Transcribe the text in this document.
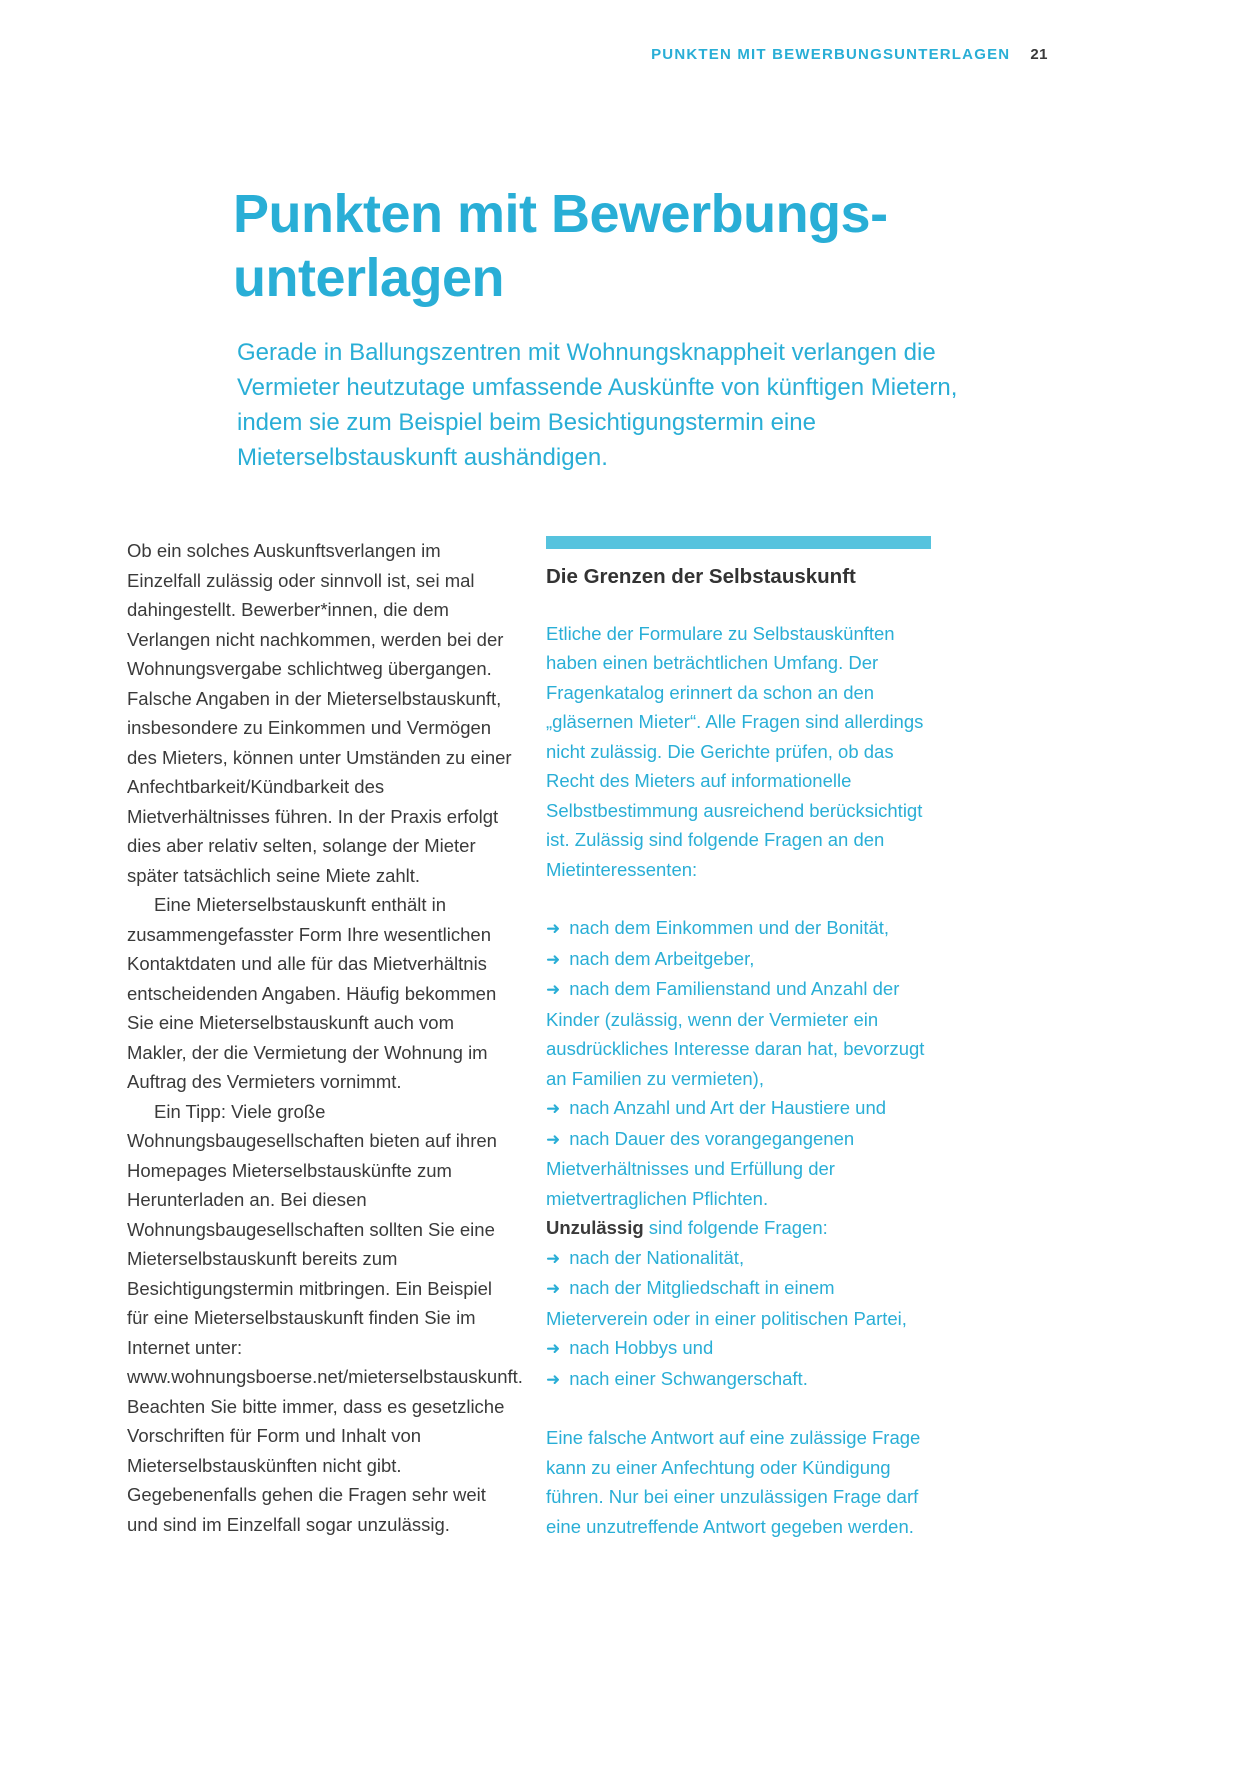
PUNKTEN MIT BEWERBUNGSUNTERLAGEN 21
Punkten mit Bewerbungs-
unterlagen

Gerade in Ballungszentren mit Wohnungsknappheit verlangen die Vermieter heutzutage umfassende Auskünfte von künftigen Mietern, indem sie zum Beispiel beim Besichtigungstermin eine Mieterselbstauskunft aushändigen.

Ob ein solches Auskunftsverlangen im Einzelfall zulässig oder sinnvoll ist, sei mal dahingestellt. Bewerber*innen, die dem Verlangen nicht nachkommen, werden bei der Wohnungsvergabe schlichtweg übergangen. Falsche Angaben in der Mieterselbstauskunft, insbesondere zu Einkommen und Vermögen des Mieters, können unter Umständen zu einer Anfechtbarkeit/Kündbarkeit des Mietverhältnisses führen. In der Praxis erfolgt dies aber relativ selten, solange der Mieter später tatsächlich seine Miete zahlt.

Eine Mieterselbstauskunft enthält in zusammengefasster Form Ihre wesentlichen Kontaktdaten und alle für das Mietverhältnis entscheidenden Angaben. Häufig bekommen Sie eine Mieterselbstauskunft auch vom Makler, der die Vermietung der Wohnung im Auftrag des Vermieters vornimmt.

Ein Tipp: Viele große Wohnungsbaugesellschaften bieten auf ihren Homepages Mieterselbstauskünfte zum Herunterladen an. Bei diesen Wohnungsbaugesellschaften sollten Sie eine Mieterselbstauskunft bereits zum Besichtigungstermin mitbringen. Ein Beispiel für eine Mieterselbstauskunft finden Sie im Internet unter: www.wohnungsboerse.net/mieterselbstauskunft. Beachten Sie bitte immer, dass es gesetzliche Vorschriften für Form und Inhalt von Mieterselbstauskünften nicht gibt. Gegebenenfalls gehen die Fragen sehr weit und sind im Einzelfall sogar unzulässig.

Die Grenzen der Selbstauskunft

Etliche der Formulare zu Selbstauskünften haben einen beträchtlichen Umfang. Der Fragenkatalog erinnert da schon an den „gläsernen Mieter“. Alle Fragen sind allerdings nicht zulässig. Die Gerichte prüfen, ob das Recht des Mieters auf informationelle Selbstbestimmung ausreichend berücksichtigt ist. Zulässig sind folgende Fragen an den Mietinteressenten:

➜ nach dem Einkommen und der Bonität,
➜ nach dem Arbeitgeber,
➜ nach dem Familienstand und Anzahl der Kinder (zulässig, wenn der Vermieter ein ausdrückliches Interesse daran hat, bevorzugt an Familien zu vermieten),
➜ nach Anzahl und Art der Haustiere und
➜ nach Dauer des vorangegangenen Mietverhältnisses und Erfüllung der mietvertraglichen Pflichten.
Unzulässig sind folgende Fragen:
➜ nach der Nationalität,
➜ nach der Mitgliedschaft in einem Mieterverein oder in einer politischen Partei,
➜ nach Hobbys und
➜ nach einer Schwangerschaft.

Eine falsche Antwort auf eine zulässige Frage kann zu einer Anfechtung oder Kündigung führen. Nur bei einer unzulässigen Frage darf eine unzutreffende Antwort gegeben werden.
